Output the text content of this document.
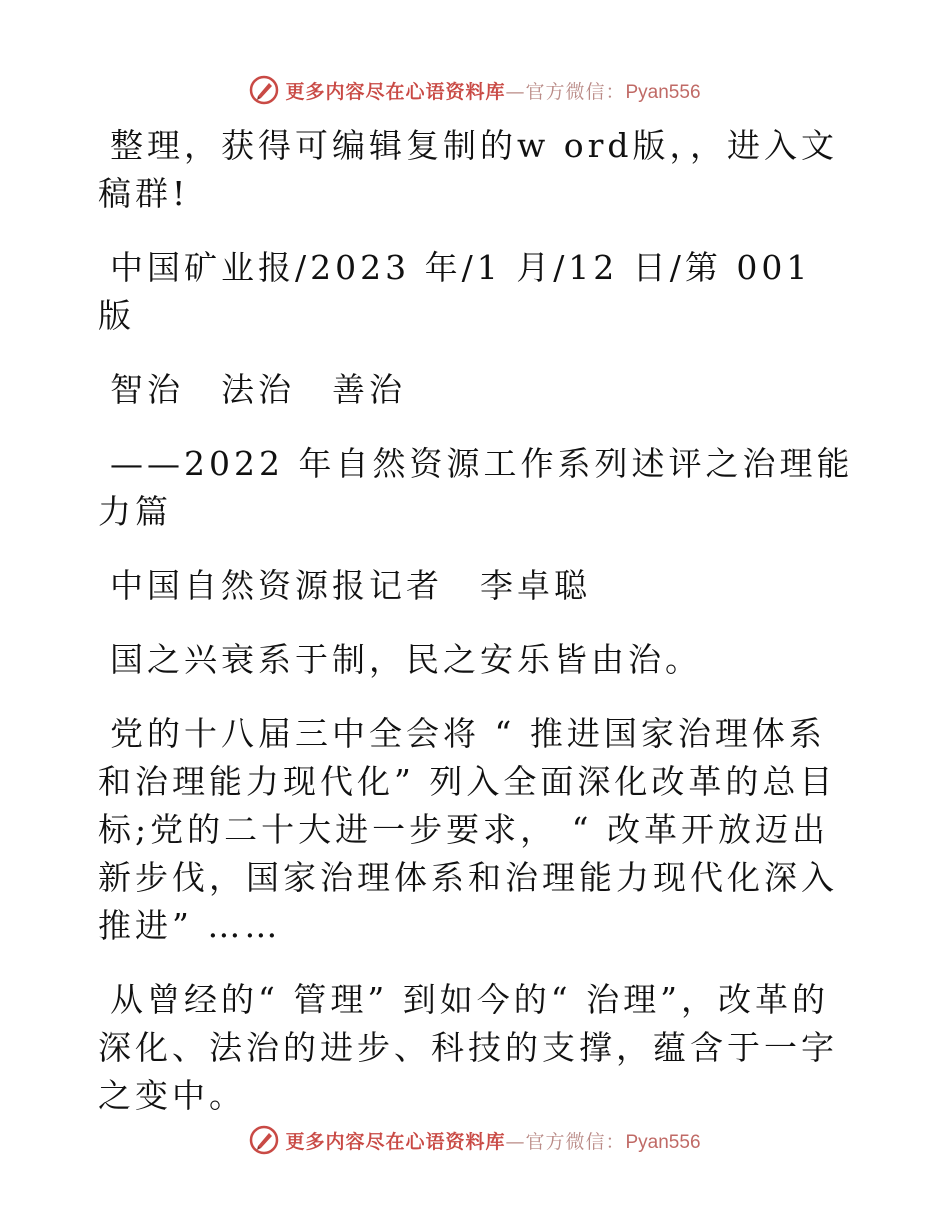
更多内容尽在心语资料库—官方微信：Pyan556

整理，获得可编辑复制的w ord版，，进入文稿群!

中国矿业报/2023 年/1 月/12 日/第 001 版

智治　法治　善治

——2022 年自然资源工作系列述评之治理能力篇

中国自然资源报记者　李卓聪

国之兴衰系于制，民之安乐皆由治。

党的十八届三中全会将 “ 推进国家治理体系和治理能力现代化” 列入全面深化改革的总目标;党的二十大进一步要求， “ 改革开放迈出新步伐，国家治理体系和治理能力现代化深入推进” ……

从曾经的“ 管理” 到如今的“ 治理”，改革的深化、法治的进步、科技的支撑，蕴含于一字之变中。

更多内容尽在心语资料库—官方微信：Pyan556
